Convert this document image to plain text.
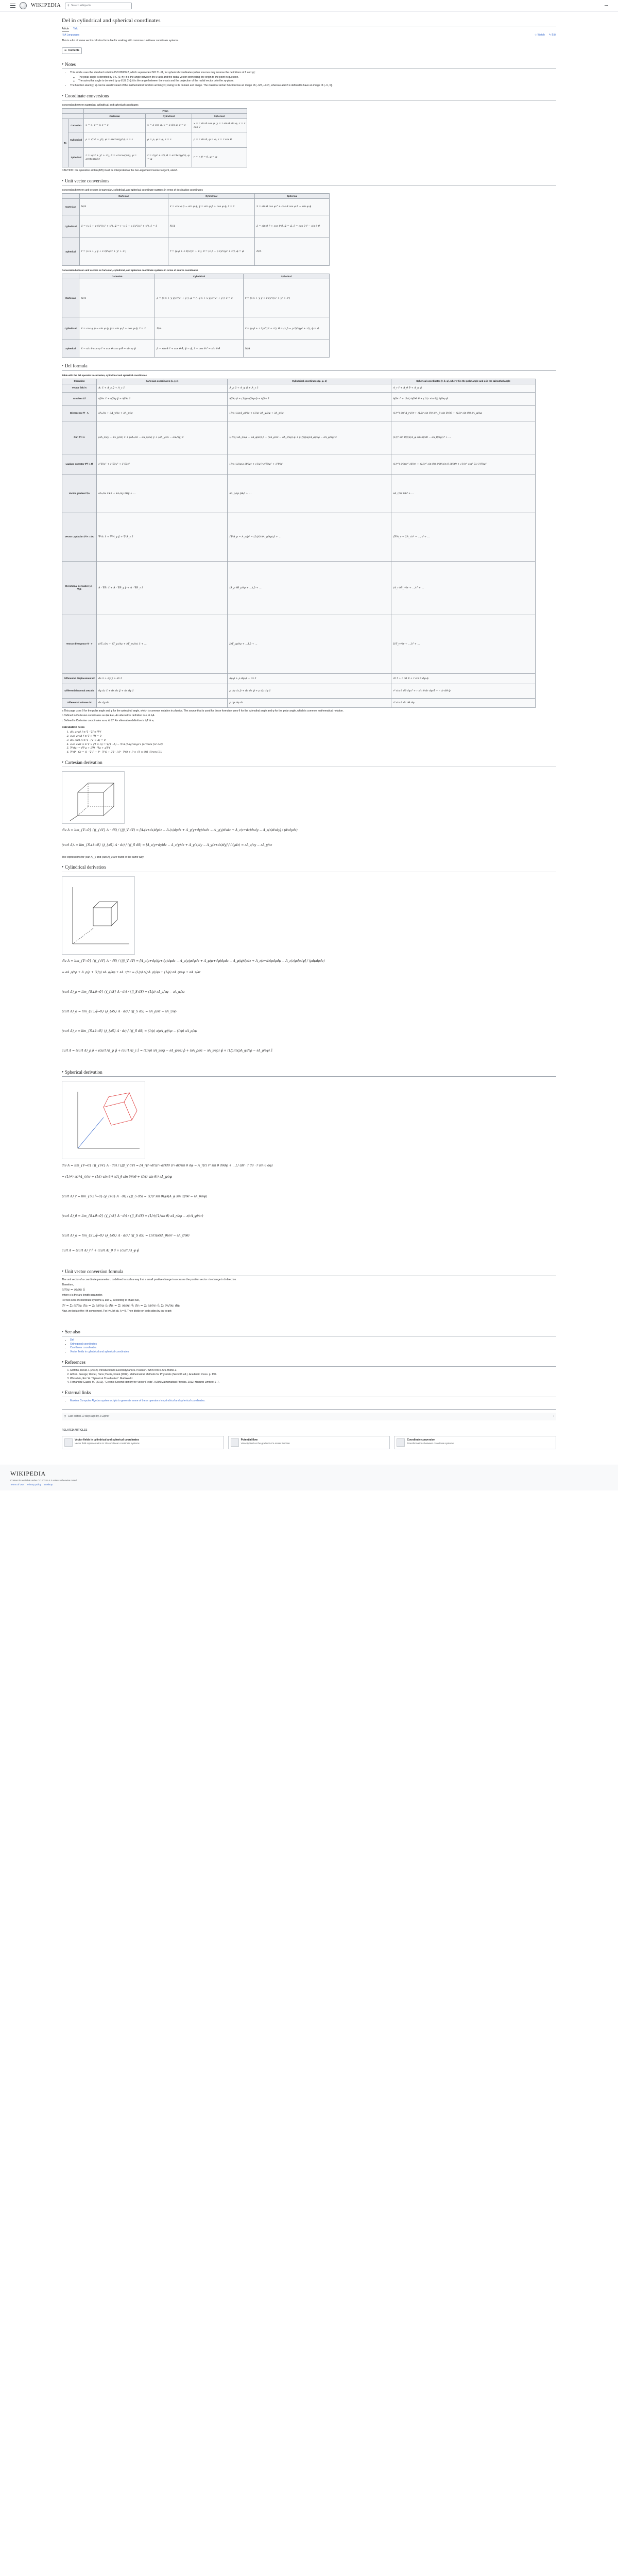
WIKIPEDIA	⚲ Search Wikipedia
Del in cylindrical and spherical coordinates
Article Talk
文A Languages	☆ Watch ✎ Edit

This is a list of some vector calculus formulae for working with common curvilinear coordinate systems.

☰ Contents
▾ Notes
• This article uses the standard notation ISO 80000-2, which supersedes ISO 31-11, for spherical coordinates (other sources may reverse the definitions of θ and φ):
◦ The polar angle is denoted by θ ∈ [0, π]: it is the angle between the z-axis and the radial vector connecting the origin to the point in question.
◦ The azimuthal angle is denoted by φ ∈ [0, 2π]: it is the angle between the x-axis and the projection of the radial vector onto the xy-plane.
• The function atan2(y, x) can be used instead of the mathematical function arctan(y/x) owing to its domain and image. The classical arctan function has an image of (−π/2, +π/2), whereas atan2 is defined to have an image of (−π, π].
▾ Coordinate conversions
Conversion between Cartesian, cylindrical, and spherical coordinates
		From		
		Cartesian	Cylindrical	Spherical
To	Cartesian	x = x, y = y, z = z	x = ρ cos φ, y = ρ sin φ, z = z	x = r sin θ cos φ, y = r sin θ sin φ, z = r cos θ
	Cylindrical	ρ = √(x² + y²), φ = arctan(y/x), z = z	ρ = ρ, φ = φ, z = z	ρ = r sin θ, φ = φ, z = r cos θ
	Spherical	r = √(x² + y² + z²), θ = arccos(z/r), φ = arctan(y/x)	r = √(ρ² + z²), θ = arctan(ρ/z), φ = φ	r = r, θ = θ, φ = φ

CAUTION: the operation arctan(A/B) must be interpreted as the two-argument inverse tangent, atan2.

▾ Unit vector conversions
Conversion between unit vectors in Cartesian, cylindrical, and spherical coordinate systems in terms of destination coordinates
	Cartesian	Cylindrical	Spherical
Cartesian	N/A	x̂ = cos φ ρ̂ − sin φ φ̂, ŷ = sin φ ρ̂ + cos φ φ̂, ẑ = ẑ	x̂ = sin θ cos φ r̂ + cos θ cos φ θ̂ − sin φ φ̂
Cylindrical	ρ̂ = (x x̂ + y ŷ)/√(x² + y²), φ̂ = (−y x̂ + x ŷ)/√(x² + y²), ẑ = ẑ	N/A	ρ̂ = sin θ r̂ + cos θ θ̂, φ̂ = φ̂, ẑ = cos θ r̂ − sin θ θ̂
Spherical	r̂ = (x x̂ + y ŷ + z ẑ)/√(x² + y² + z²)	r̂ = (ρ ρ̂ + z ẑ)/√(ρ² + z²), θ̂ = (z ρ̂ − ρ ẑ)/√(ρ² + z²), φ̂ = φ̂	N/A
Conversion between unit vectors in Cartesian, cylindrical, and spherical coordinate systems in terms of source coordinates
	Cartesian	Cylindrical	Spherical
Cartesian	N/A	ρ̂ = (x x̂ + y ŷ)/√(x² + y²), φ̂ = (−y x̂ + x ŷ)/√(x² + y²), ẑ = ẑ	r̂ = (x x̂ + y ŷ + z ẑ)/√(x² + y² + z²)
Cylindrical	x̂ = cos φ ρ̂ − sin φ φ̂, ŷ = sin φ ρ̂ + cos φ φ̂, ẑ = ẑ	N/A	r̂ = (ρ ρ̂ + z ẑ)/√(ρ² + z²), θ̂ = (z ρ̂ − ρ ẑ)/√(ρ² + z²), φ̂ = φ̂
Spherical	x̂ = sin θ cos φ r̂ + cos θ cos φ θ̂ − sin φ φ̂	ρ̂ = sin θ r̂ + cos θ θ̂, φ̂ = φ̂, ẑ = cos θ r̂ − sin θ θ̂	N/A
▾ Del formula
Table with the del operator in cartesian, cylindrical and spherical coordinates
Operation	Cartesian coordinates (x, y, z)	Cylindrical coordinates (ρ, φ, z)	Spherical coordinates (r, θ, φ), where θ is the polar angle and φ is the azimuthal angle
Vector field A	Aₓ x̂ + A_y ŷ + A_z ẑ	A_ρ ρ̂ + A_φ φ̂ + A_z ẑ	A_r r̂ + A_θ θ̂ + A_φ φ̂
Gradient ∇f	∂f/∂x x̂ + ∂f/∂y ŷ + ∂f/∂z ẑ	∂f/∂ρ ρ̂ + (1/ρ) ∂f/∂φ φ̂ + ∂f/∂z ẑ	∂f/∂r r̂ + (1/r) ∂f/∂θ θ̂ + (1/(r sin θ)) ∂f/∂φ φ̂
Divergence ∇ · A	∂Aₓ/∂x + ∂A_y/∂y + ∂A_z/∂z	(1/ρ) ∂(ρA_ρ)/∂ρ + (1/ρ) ∂A_φ/∂φ + ∂A_z/∂z	(1/r²) ∂(r²A_r)/∂r + (1/(r sin θ)) ∂(A_θ sin θ)/∂θ + (1/(r sin θ)) ∂A_φ/∂φ
Curl ∇ × A	(∂A_z/∂y − ∂A_y/∂z) x̂ + (∂Aₓ/∂z − ∂A_z/∂x) ŷ + (∂A_y/∂x − ∂Aₓ/∂y) ẑ	((1/ρ) ∂A_z/∂φ − ∂A_φ/∂z) ρ̂ + (∂A_ρ/∂z − ∂A_z/∂ρ) φ̂ + (1/ρ)(∂(ρA_φ)/∂ρ − ∂A_ρ/∂φ) ẑ	(1/(r sin θ))(∂(A_φ sin θ)/∂θ − ∂A_θ/∂φ) r̂ + ...
Laplace operator ∇²f ≡ ∆f	∂²f/∂x² + ∂²f/∂y² + ∂²f/∂z²	(1/ρ) ∂/∂ρ(ρ ∂f/∂ρ) + (1/ρ²) ∂²f/∂φ² + ∂²f/∂z²	(1/r²) ∂/∂r(r² ∂f/∂r) + (1/(r² sin θ)) ∂/∂θ(sin θ ∂f/∂θ) + (1/(r² sin² θ)) ∂²f/∂φ²
Vector gradient ∇A	∂Aₓ/∂x x̂⊗x̂ + ∂Aₓ/∂y x̂⊗ŷ + ...	∂A_ρ/∂ρ ρ̂⊗ρ̂ + ...	∂A_r/∂r r̂⊗r̂ + ...
Vector Laplacian ∇²A ≡ ∆A	∇²Aₓ x̂ + ∇²A_y ŷ + ∇²A_z ẑ	(∇²A_ρ − A_ρ/ρ² − (2/ρ²) ∂A_φ/∂φ) ρ̂ + ...	(∇²A_r − 2A_r/r² − ...) r̂ + ...
Directional derivative (A · ∇)B	A · ∇Bₓ x̂ + A · ∇B_y ŷ + A · ∇B_z ẑ	(A_ρ ∂B_ρ/∂ρ + ...) ρ̂ + ...	(A_r ∂B_r/∂r + ...) r̂ + ...
Tensor divergence ∇ · T	(∂Tₓₓ/∂x + ∂T_yx/∂y + ∂T_zx/∂z) x̂ + ...	[∂T_ρρ/∂ρ + ...] ρ̂ + ...	[∂T_rr/∂r + ...] r̂ + ...
Differential displacement dℓ	dx x̂ + dy ŷ + dz ẑ	dρ ρ̂ + ρ dφ φ̂ + dz ẑ	dr r̂ + r dθ θ̂ + r sin θ dφ φ̂
Differential normal area dS	dy dz x̂ + dx dz ŷ + dx dy ẑ	ρ dφ dz ρ̂ + dρ dz φ̂ + ρ dρ dφ ẑ	r² sin θ dθ dφ r̂ + r sin θ dr dφ θ̂ + r dr dθ φ̂
Differential volume dV	dx dy dz	ρ dρ dφ dz	r² sin θ dr dθ dφ

a This page uses θ for the polar angle and φ for the azimuthal angle, which is common notation in physics. The source that is used for these formulae uses θ for the azimuthal angle and φ for the polar angle, which is common mathematical notation.

b Defined in Cartesian coordinates as ∂ᵢA ⊗ eᵢ. An alternative definition is eᵢ ⊗ ∂ᵢA.

c Defined in Cartesian coordinates as eᵢ ⊗ ∂ᵢT. An alternative definition is ∂ᵢT ⊗ eᵢ.

Calculation rules
1. div grad f ≡ ∇ · ∇f ≡ ∇²f
2. curl grad f ≡ ∇ × ∇f = 0
3. div curl A ≡ ∇ · (∇ × A) = 0
4. curl curl A ≡ ∇ × (∇ × A) = ∇(∇ · A) − ∇²A (Lagrange's formula for del)
5. ∇²(fg) = f∇²g + 2∇f · ∇g + g∇²f
6. ∇²(P · Q) = Q · ∇²P − P · ∇²Q + 2∇ · [(P · ∇)Q + P × (∇ × Q)] (From [3])
▾ Cartesian derivation
div A = lim_{V→0} (∬_{∂V} A · dS) / (∭_V dV) = [Aₓ(x+dx)dydz − Aₓ(x)dydz + A_y(y+dy)dxdz − A_y(y)dxdz + A_z(z+dz)dxdy − A_z(z)dxdy] / (dxdydz)
(curl A)ₓ = lim_{S⊥x̂→0} (∮_{∂S} A · dℓ) / (∬_S dS) = [A_z(y+dy)dz − A_z(y)dz + A_y(z)dy − A_y(z+dz)dy] / (dydz) = ∂A_z/∂y − ∂A_y/∂z

The expressions for (curl A)_y and (curl A)_z are found in the same way.

▾ Cylindrical derivation
div A = lim_{V→0} (∬_{∂V} A · dS) / (∭_V dV) = [A_ρ(ρ+dρ)(ρ+dρ)dφdz − A_ρ(ρ)ρdφdz + A_φ(φ+dφ)dρdz − A_φ(φ)dρdz + A_z(z+dz)ρdρdφ − A_z(z)ρdρdφ] / (ρdφdρdz)
= ∂A_ρ/∂ρ + A_ρ/ρ + (1/ρ) ∂A_φ/∂φ + ∂A_z/∂z = (1/ρ) ∂(ρA_ρ)/∂ρ + (1/ρ) ∂A_φ/∂φ + ∂A_z/∂z
(curl A)_ρ = lim_{S⊥ρ̂→0} (∮_{∂S} A · dℓ) / (∬_S dS) = (1/ρ) ∂A_z/∂φ − ∂A_φ/∂z
(curl A)_φ = lim_{S⊥φ̂→0} (∮_{∂S} A · dℓ) / (∬_S dS) = ∂A_ρ/∂z − ∂A_z/∂ρ
(curl A)_z = lim_{S⊥ẑ→0} (∮_{∂S} A · dℓ) / (∬_S dS) = (1/ρ) ∂(ρA_φ)/∂ρ − (1/ρ) ∂A_ρ/∂φ
curl A = (curl A)_ρ ρ̂ + (curl A)_φ φ̂ + (curl A)_z ẑ = ((1/ρ) ∂A_z/∂φ − ∂A_φ/∂z) ρ̂ + (∂A_ρ/∂z − ∂A_z/∂ρ) φ̂ + (1/ρ)(∂(ρA_φ)/∂ρ − ∂A_ρ/∂φ) ẑ
▾ Spherical derivation
div A = lim_{V→0} (∬_{∂V} A · dS) / (∭_V dV) = [A_r(r+dr)(r+dr)dθ (r+dr)sin θ dφ − A_r(r) r² sin θ dθdφ + ...] / (dr · r dθ · r sin θ dφ)
= (1/r²) ∂(r²A_r)/∂r + (1/(r sin θ)) ∂(A_θ sin θ)/∂θ + (1/(r sin θ)) ∂A_φ/∂φ
(curl A)_r = lim_{S⊥r̂→0} (∮_{∂S} A · dℓ) / (∬_S dS) = (1/(r sin θ))(∂(A_φ sin θ)/∂θ − ∂A_θ/∂φ)
(curl A)_θ = lim_{S⊥θ̂→0} (∮_{∂S} A · dℓ) / (∬_S dS) = (1/r)((1/sin θ) ∂A_r/∂φ − ∂(rA_φ)/∂r)
(curl A)_φ = lim_{S⊥φ̂→0} (∮_{∂S} A · dℓ) / (∬_S dS) = (1/r)(∂(rA_θ)/∂r − ∂A_r/∂θ)
curl A = (curl A)_r r̂ + (curl A)_θ θ̂ + (curl A)_φ φ̂
▾ Unit vector conversion formula

The unit vector of a coordinate parameter u is defined in such a way that a small positive change in u causes the position vector r to change in û direction.

Therefore,

∂r/∂u = ∂s/∂u û

where s is the arc length parameter.

For two sets of coordinate systems uᵢ and vⱼ, according to chain rule,

dr = Σᵢ ∂r/∂uᵢ duᵢ = Σᵢ ∂s/∂uᵢ ûᵢ duᵢ = Σⱼ ∂s/∂vⱼ v̂ⱼ dvⱼ = Σⱼ ∂s/∂vⱼ v̂ⱼ Σᵢ ∂vⱼ/∂uᵢ duᵢ

Now, we isolate the i-th component. For i≠k, let du_k = 0. Then divide on both sides by duᵢ to get:

▾ See also
• Del
• Orthogonal coordinates
• Curvilinear coordinates
• Vector fields in cylindrical and spherical coordinates
▾ References
1. Griffiths, David J. (2012). Introduction to Electrodynamics. Pearson. ISBN 978-0-321-85656-2.
2. Arfken, George; Weber, Hans; Harris, Frank (2012). Mathematical Methods for Physicists (Seventh ed.). Academic Press. p. 192.
3. Weisstein, Eric W. "Spherical Coordinates". MathWorld.
4. Fernández-Guasti, M. (2012). "Green's Second Identity for Vector Fields". ISRN Mathematical Physics. 2012. Hindawi Limited: 1–7.
▾ External links
• Maxima Computer Algebra system scripts to generate some of these operators in cylindrical and spherical coordinates.
◷ Last edited 10 days ago by J.Cipher	›
RELATED ARTICLES
Vector fields in cylindrical and spherical coordinates
Vector field representation in 3D curvilinear coordinate systems
Potential flow
Velocity field as the gradient of a scalar function
Coordinate conversion
Transformations between coordinate systems
WIKIPEDIA

Content is available under CC BY-SA 4.0 unless otherwise noted.

Terms of Use Privacy policy Desktop
